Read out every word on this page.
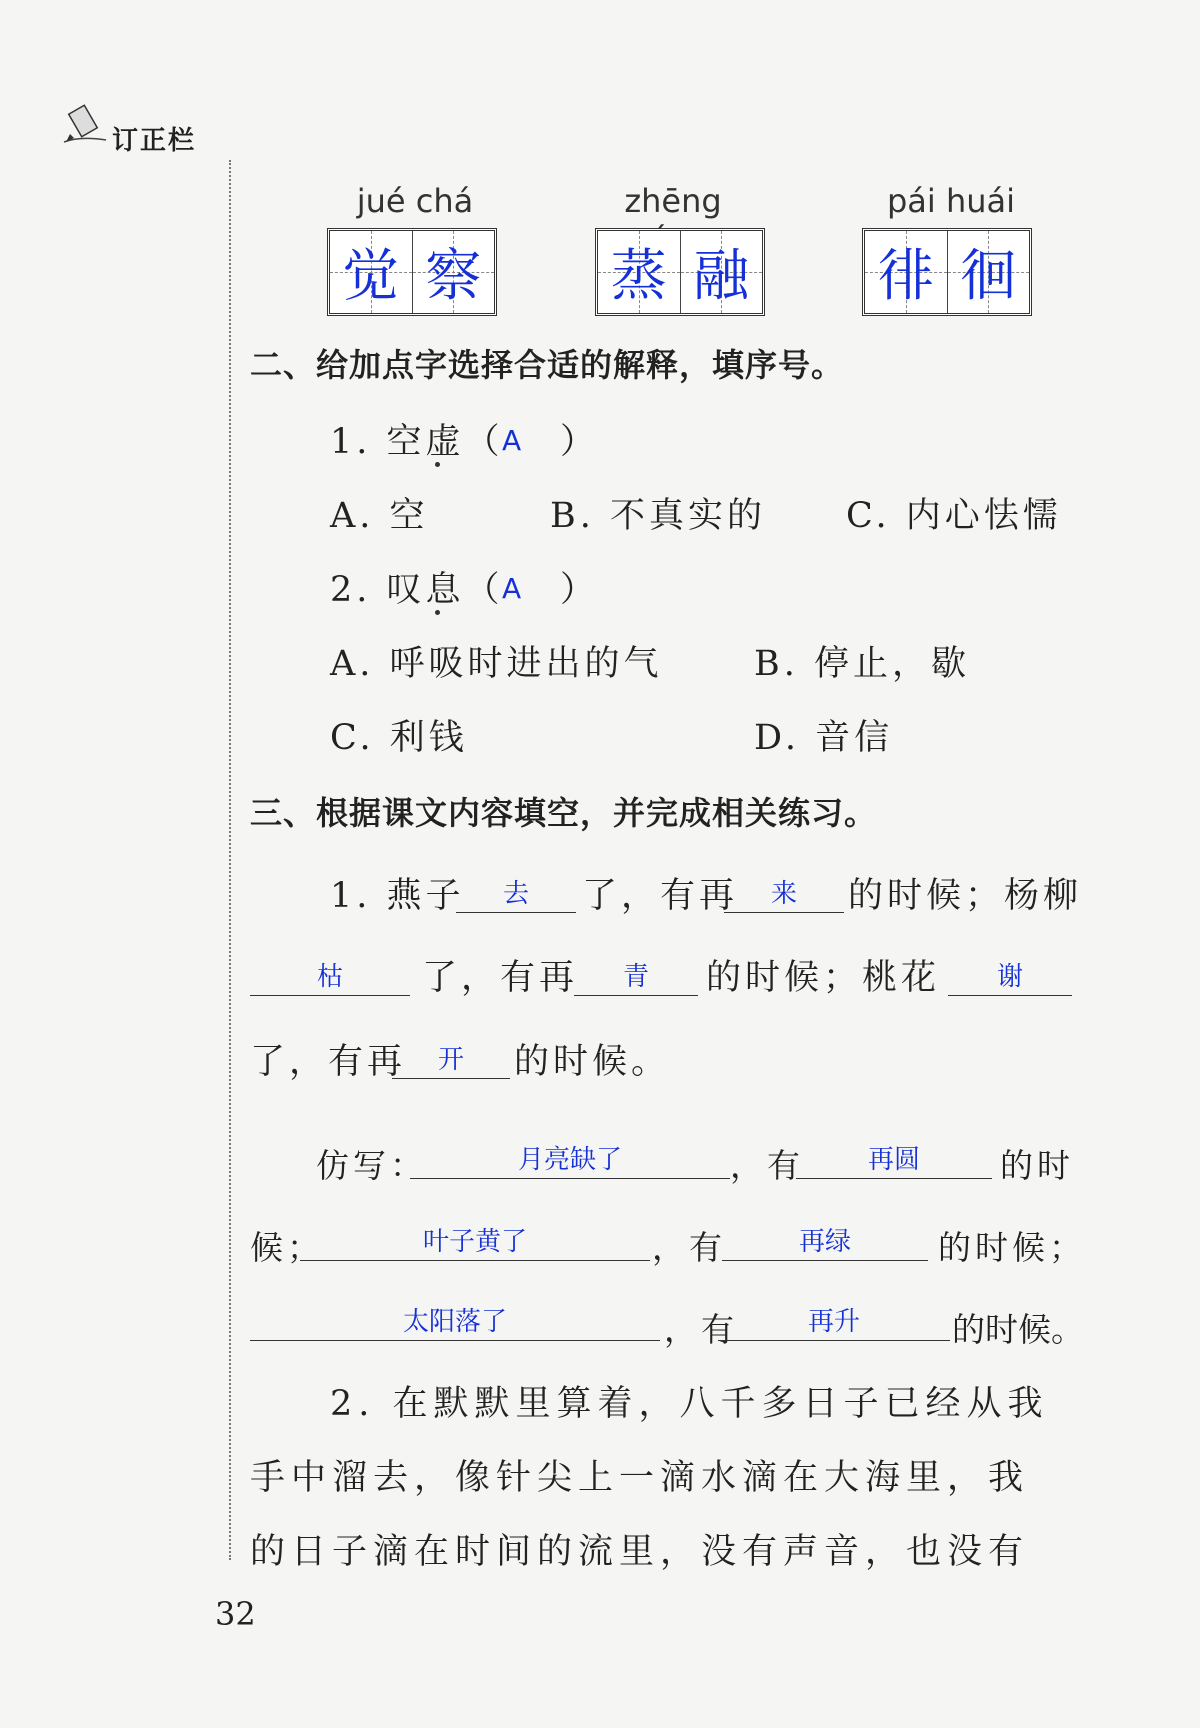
订正栏
jué chá
觉 察
zhēng
蒸 融
pái huái
徘 徊
二、给加点字选择合适的解释，填序号。
1. 空虚（
A ）
A. 空	B. 不真实的 C. 内心怯懦
2. 叹息（
A ）
A. 呼吸时进出的气	B. 停止，歇
C. 利钱	D. 音信
三、根据课文内容填空，并完成相关练习。
1. 燕子	去	了，有再	来	的时候；杨柳
枯	了，有再	青	的时候；桃花	谢
了，有再	开	的时候。
仿写：	月亮缺了	，有	再圆	的时
候；	叶子黄了	，有	再绿	的时候；
太阳落了	，有	再升	的时候。
2. 在默默里算着，八千多日子已经从我
手中溜去，像针尖上一滴水滴在大海里，我
的日子滴在时间的流里，没有声音，也没有
32
